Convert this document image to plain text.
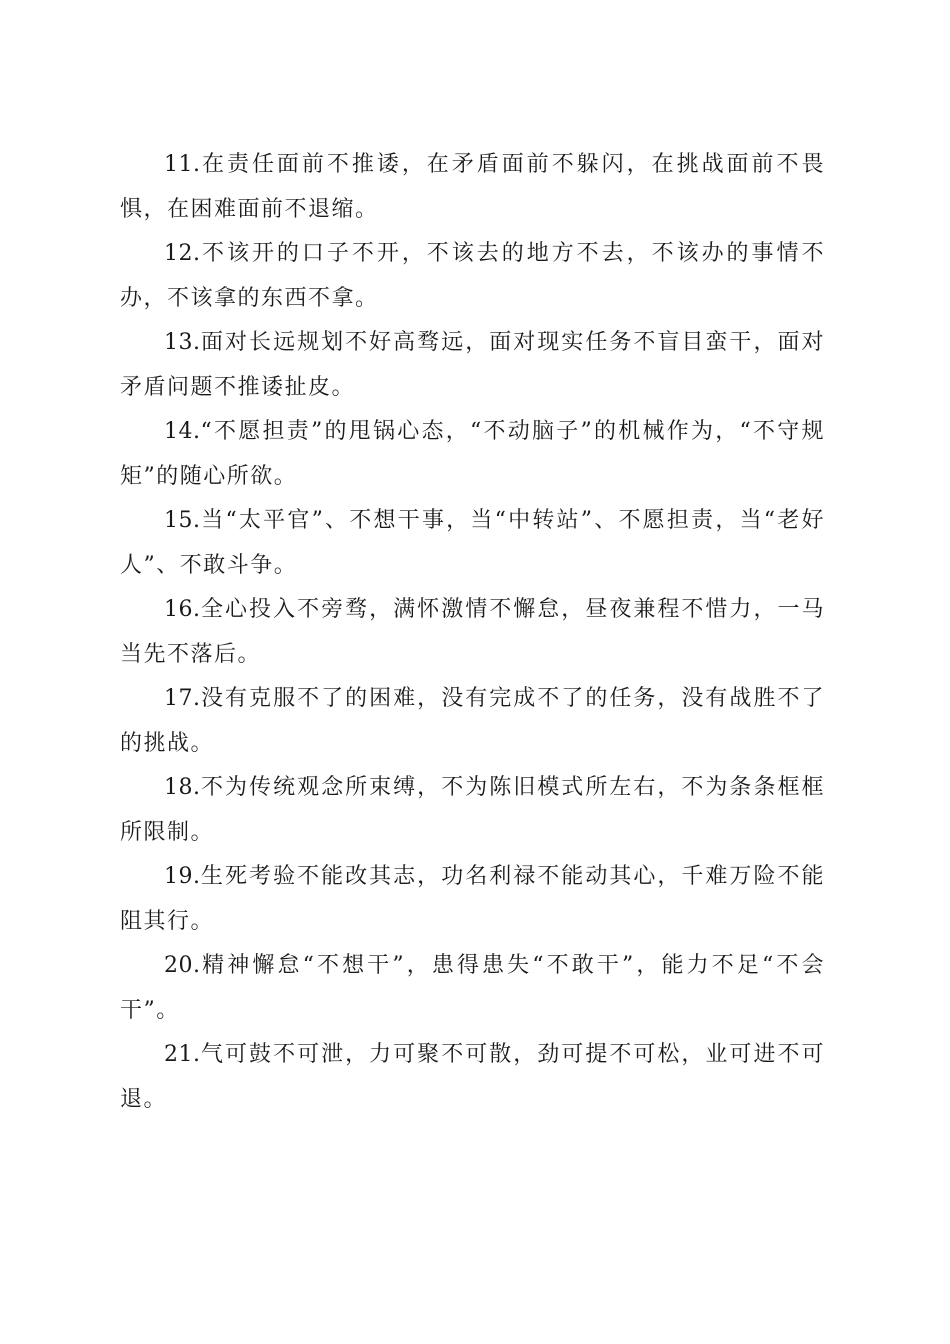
11.在责任面前不推诿，在矛盾面前不躲闪，在挑战面前不畏惧，在困难面前不退缩。

12.不该开的口子不开，不该去的地方不去，不该办的事情不办，不该拿的东西不拿。

13.面对长远规划不好高骛远，面对现实任务不盲目蛮干，面对矛盾问题不推诿扯皮。

14.“不愿担责”的甩锅心态，“不动脑子”的机械作为，“不守规矩”的随心所欲。

15.当“太平官”、不想干事，当“中转站”、不愿担责，当“老好人”、不敢斗争。

16.全心投入不旁骛，满怀激情不懈怠，昼夜兼程不惜力，一马当先不落后。

17.没有克服不了的困难，没有完成不了的任务，没有战胜不了的挑战。

18.不为传统观念所束缚，不为陈旧模式所左右，不为条条框框所限制。

19.生死考验不能改其志，功名利禄不能动其心，千难万险不能阻其行。

20.精神懈怠“不想干”，患得患失“不敢干”，能力不足“不会干”。

21.气可鼓不可泄，力可聚不可散，劲可提不可松，业可进不可退。
